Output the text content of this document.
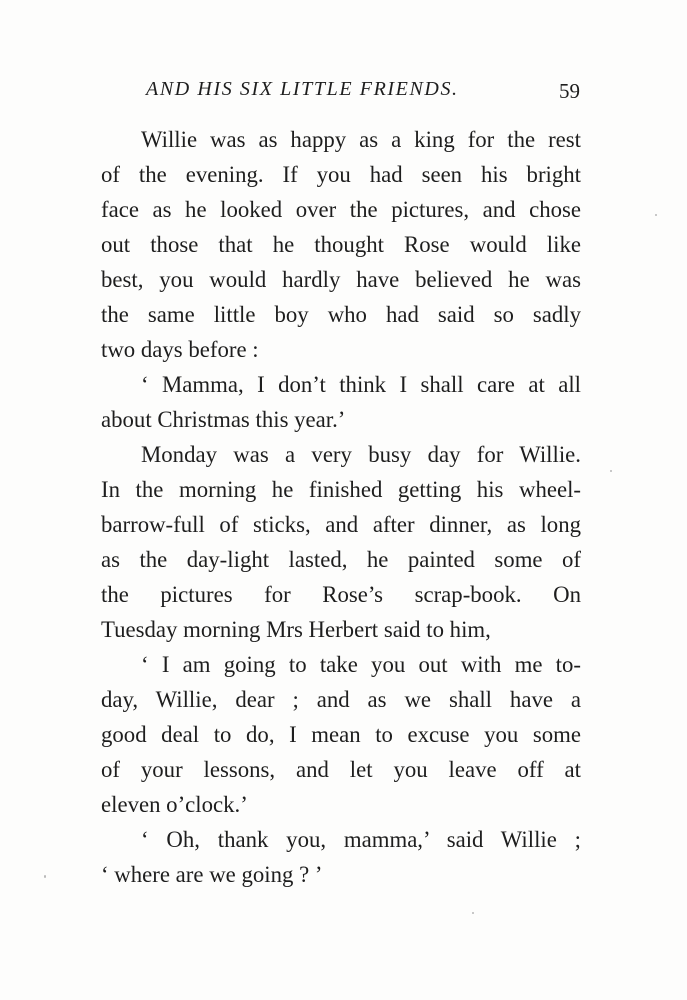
AND HIS SIX LITTLE FRIENDS.	59
Willie was as happy as a king for the rest
of the evening. If you had seen his bright
face as he looked over the pictures, and chose
out those that he thought Rose would like
best, you would hardly have believed he was
the same little boy who had said so sadly
two days before :
‘ Mamma, I don’t think I shall care at all
about Christmas this year.’
Monday was a very busy day for Willie.
In the morning he finished getting his wheel-
barrow-full of sticks, and after dinner, as long
as the day-light lasted, he painted some of
the pictures for Rose’s scrap-book. On
Tuesday morning Mrs Herbert said to him,
‘ I am going to take you out with me to-
day, Willie, dear ; and as we shall have a
good deal to do, I mean to excuse you some
of your lessons, and let you leave off at
eleven o’clock.’
‘ Oh, thank you, mamma,’ said Willie ;
‘ where are we going ? ’
